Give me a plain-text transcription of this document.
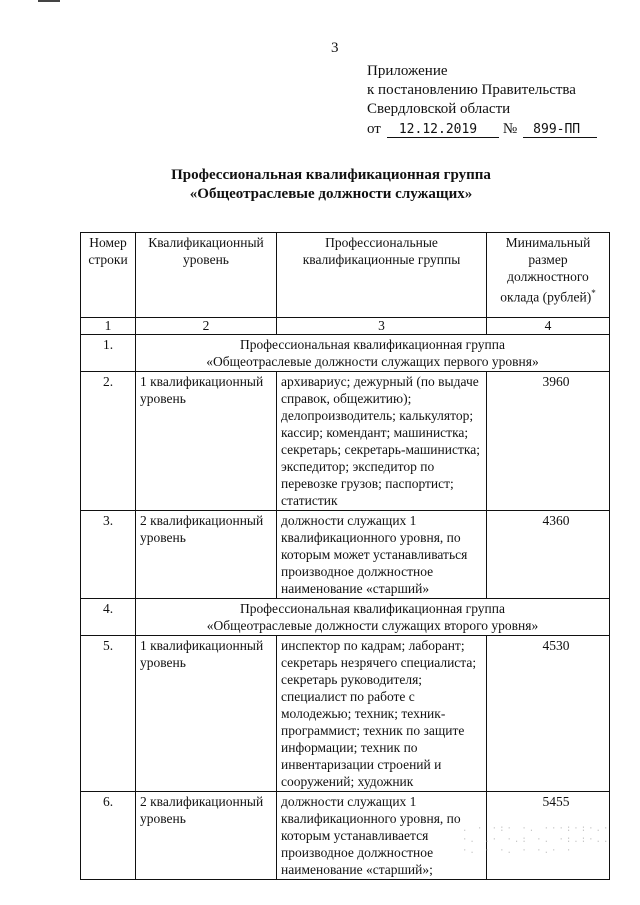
3
Приложение
к постановлению Правительства
Свердловской области
от	12.12.2019	№	899-ПП
Профессиональная квалификационная группа
«Общеотраслевые должности служащих»
Номер строки	Квалификационный уровень	Профессиональные квалификационные группы	Минимальный размер должностного оклада (рублей)*
1	2	3	4
1.	Профессиональная квалификационная группа
«Общеотраслевые должности служащих первого уровня»		

2.	1 квалификационный уровень	архивариус; дежурный (по выдаче справок, общежитию); делопроизводитель; калькулятор; кассир; комендант; машинистка; секретарь; секретарь-машинистка; экспедитор; экспедитор по перевозке грузов; паспортист; статистик	3960
3.	2 квалификационный уровень	должности служащих 1 квалификационного уровня, по которым может устанавливаться производное должностное наименование «старший»	4360
4.	Профессиональная квалификационная группа
«Общеотраслевые должности служащих второго уровня»		

5.	1 квалификационный уровень	инспектор по кадрам; лаборант; секретарь незрячего специалиста; секретарь руководителя; специалист по работе с молодежью; техник; техник-программист; техник по защите информации; техник по инвентаризации строений и сооружений; художник	4530
6.	2 квалификационный уровень	должности служащих 1 квалификационного уровня, по которым устанавливается производное должностное наименование «старший»;	5455
. · ·:· ·. ···:·:·.·
·. .· ·.: ·. ·:.:·..
·. · ·. · ·.· ·
